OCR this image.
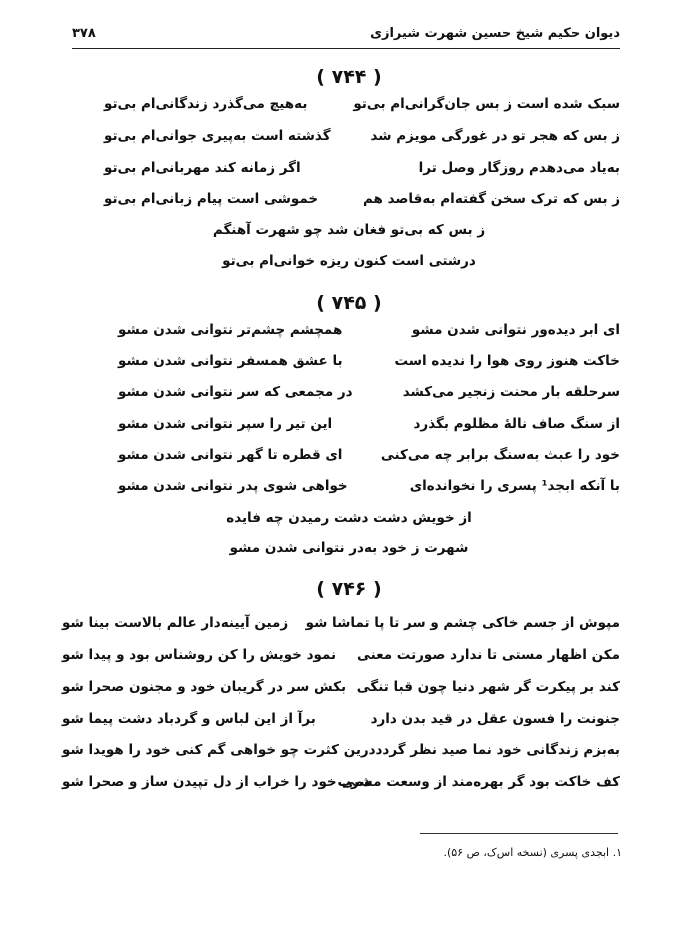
دیوان حکیم شیخ حسین شهرت شیرازی
۳۷۸
( ۷۴۴ )
سبک شده است ز بس جان‌گرانی‌ام بی‌تو
به‌هیچ می‌گذرد زندگانی‌ام بی‌تو
ز بس که هجر تو در غورگی مویزم شد
گذشته است به‌پیری جوانی‌ام بی‌تو
به‌یاد می‌دهدم روزگار وصل ترا
اگر زمانه کند مهربانی‌ام بی‌تو
ز بس که ترک سخن گفته‌ام به‌قاصد هم
خموشی است پیام زبانی‌ام بی‌تو
ز بس که بی‌تو فغان شد چو شهرت آهنگم
درشتی است کنون ریزه خوانی‌ام بی‌تو
( ۷۴۵ )
ای ابر دیده‌ور نتوانی شدن مشو
همچشم چشم‌تر نتوانی شدن مشو
خاکت هنوز روی هوا را ندیده است
با عشق همسفر نتوانی شدن مشو
سرحلقه بار محنت زنجیر می‌کشد
در مجمعی که سر نتوانی شدن مشو
از سنگ صاف نالهٔ مظلوم بگذرد
این تیر را سپر نتوانی شدن مشو
خود را عبث به‌سنگ برابر چه می‌کنی
ای قطره تا گهر نتوانی شدن مشو
با آنکه ابجد¹ پسری را نخوانده‌ای
خواهی شوی پدر نتوانی شدن مشو
از خویش دشت دشت رمیدن چه فایده
شهرت ز خود به‌در نتوانی شدن مشو
( ۷۴۶ )
مپوش از جسم خاکی چشم و سر تا پا تماشا شو
زمین آیینه‌دار عالم بالاست بینا شو
مکن اظهار مستی تا ندارد صورتت معنی
نمود خویش را کن روشناس بود و پیدا شو
کند بر پیکرت گر شهر دنیا چون قبا تنگی
بکش سر در گریبان خود و مجنون صحرا شو
جنونت را فسون عقل در قید بدن دارد
برآ از این لباس و گردباد دشت پیما شو
به‌بزم زندگانی خود نما صید نظر گردد
درین کثرت چو خواهی گم کنی خود را هویدا شو
کف خاکت بود گر بهره‌مند از وسعت مشرب
دمی خود را خراب از دل تپیدن ساز و صحرا شو
۱. ابجدی پسری (نسخه اس‌ک، ص ۵۶).
